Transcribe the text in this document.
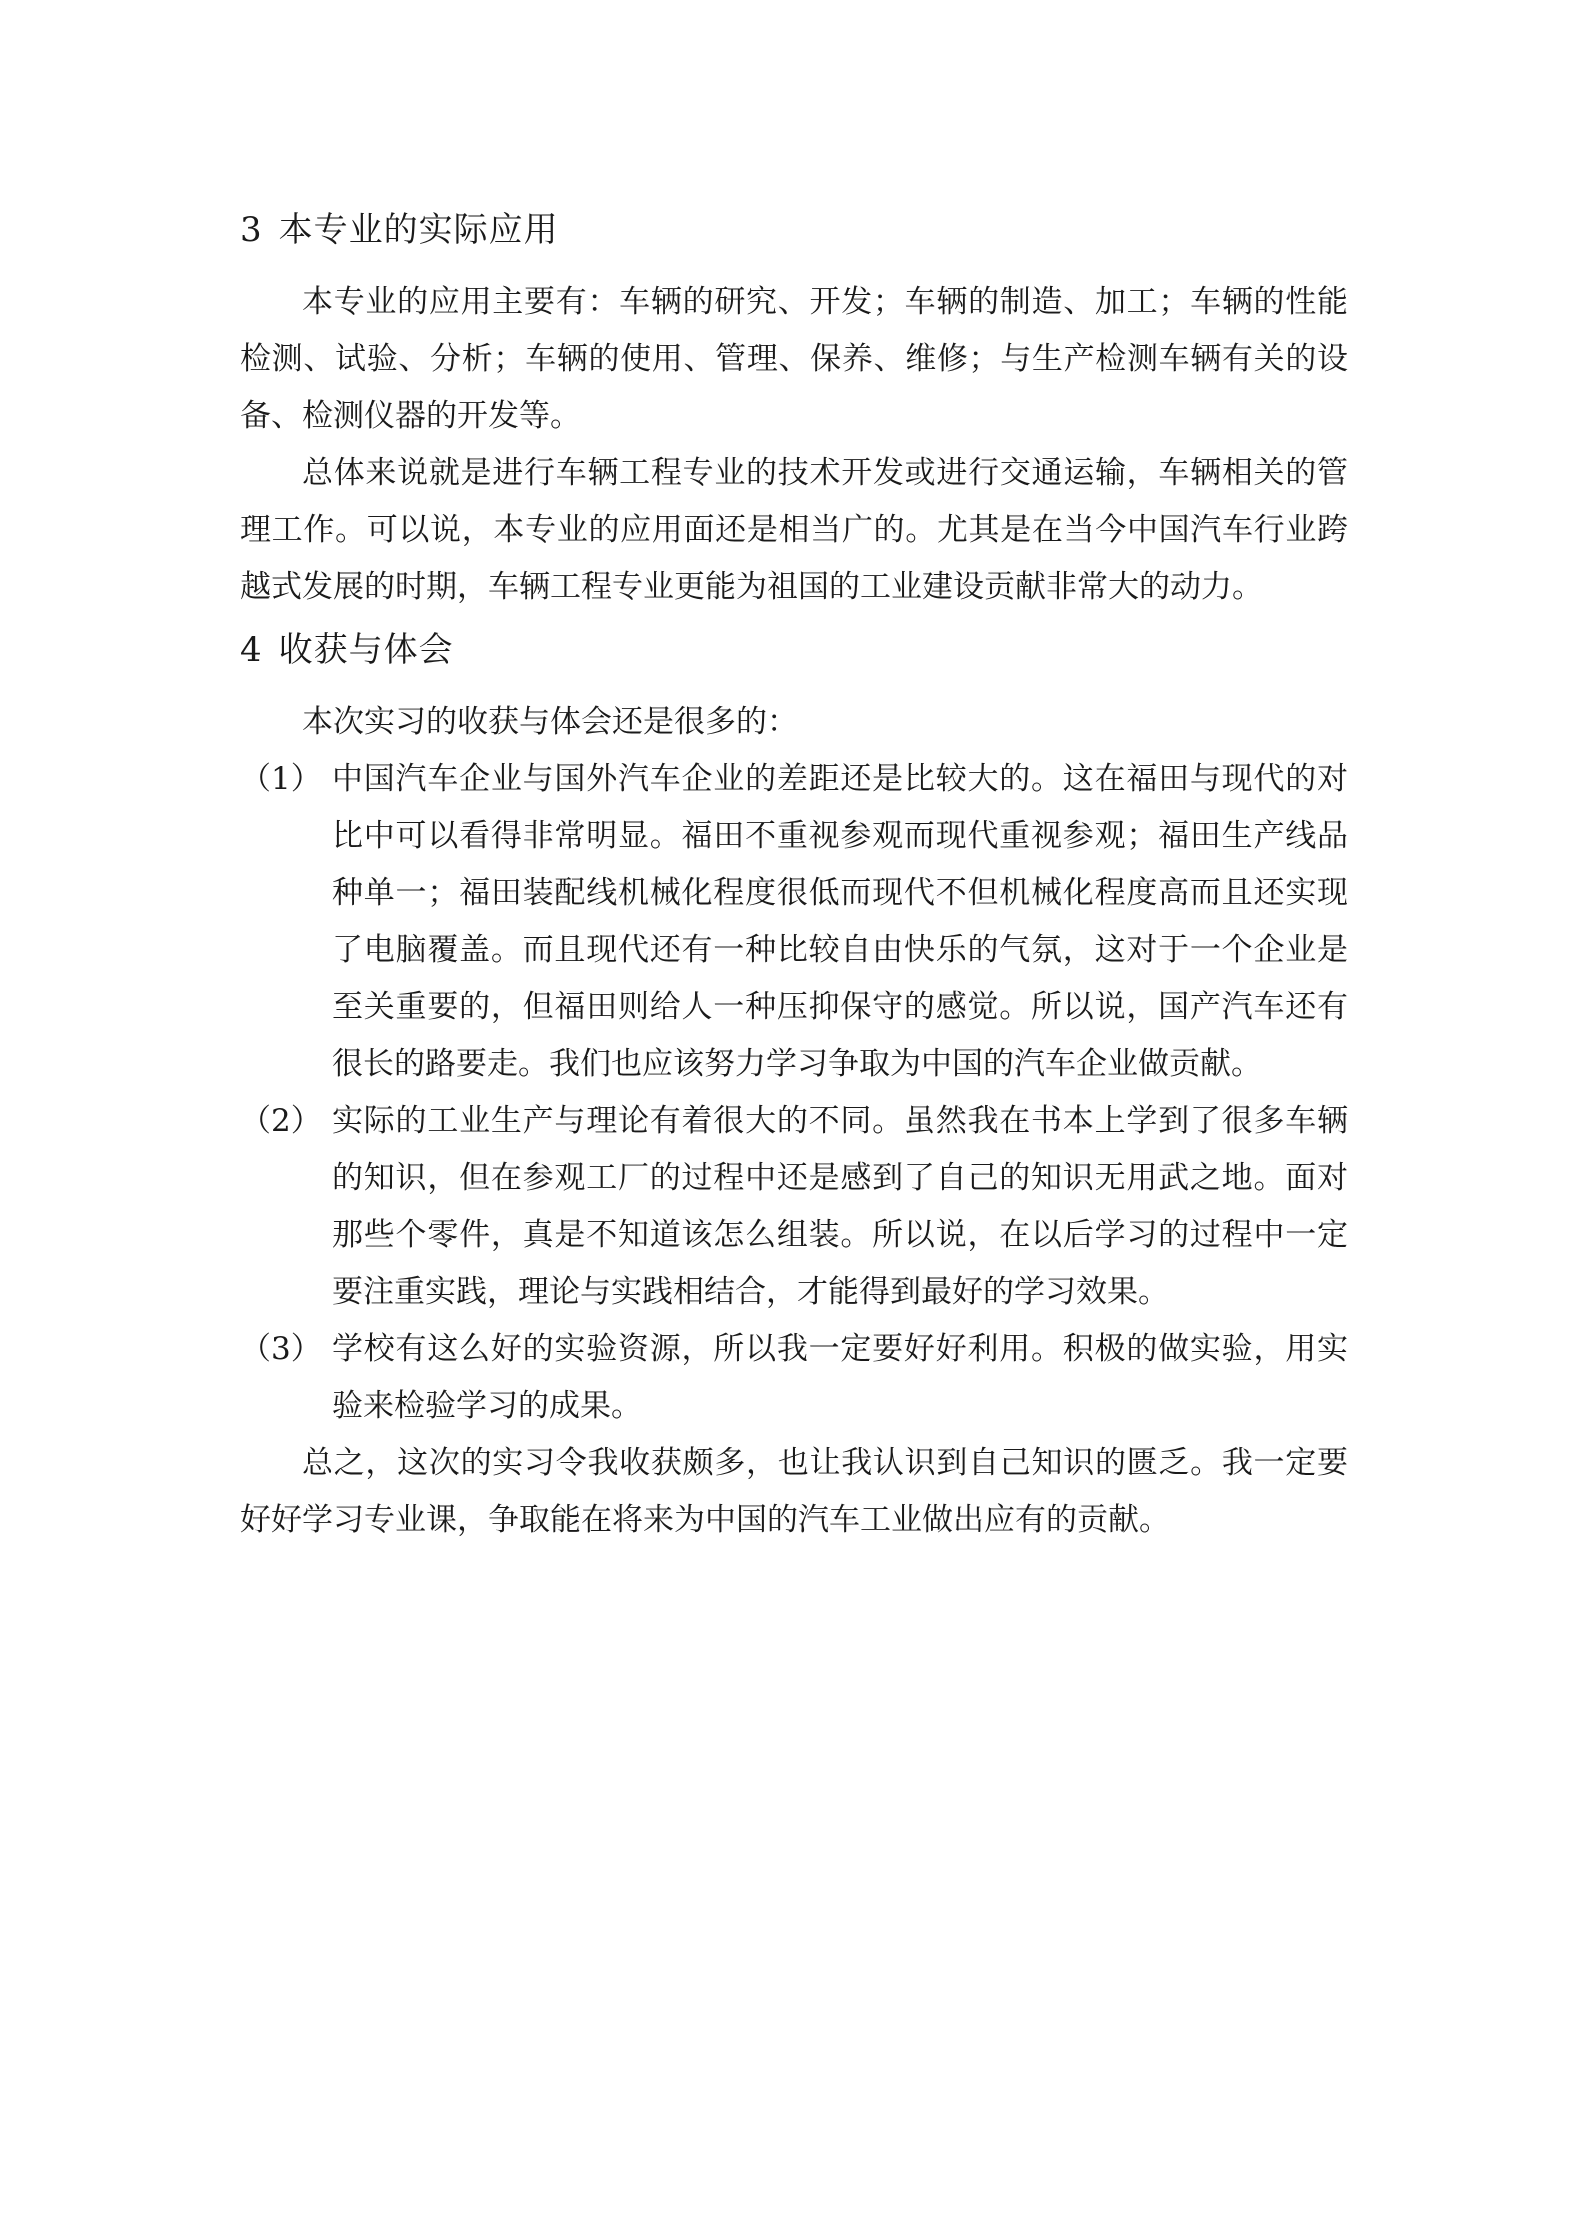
3 本专业的实际应用

本专业的应用主要有：车辆的研究、开发；车辆的制造、加工；车辆的性能检测、试验、分析；车辆的使用、管理、保养、维修；与生产检测车辆有关的设备、检测仪器的开发等。

总体来说就是进行车辆工程专业的技术开发或进行交通运输，车辆相关的管理工作。可以说，本专业的应用面还是相当广的。尤其是在当今中国汽车行业跨越式发展的时期，车辆工程专业更能为祖国的工业建设贡献非常大的动力。

4 收获与体会

本次实习的收获与体会还是很多的：

（1） 中国汽车企业与国外汽车企业的差距还是比较大的。这在福田与现代的对比中可以看得非常明显。福田不重视参观而现代重视参观；福田生产线品种单一；福田装配线机械化程度很低而现代不但机械化程度高而且还实现了电脑覆盖。而且现代还有一种比较自由快乐的气氛，这对于一个企业是至关重要的，但福田则给人一种压抑保守的感觉。所以说，国产汽车还有很长的路要走。我们也应该努力学习争取为中国的汽车企业做贡献。
（2） 实际的工业生产与理论有着很大的不同。虽然我在书本上学到了很多车辆的知识，但在参观工厂的过程中还是感到了自己的知识无用武之地。面对那些个零件，真是不知道该怎么组装。所以说，在以后学习的过程中一定要注重实践，理论与实践相结合，才能得到最好的学习效果。
（3） 学校有这么好的实验资源，所以我一定要好好利用。积极的做实验，用实验来检验学习的成果。

总之，这次的实习令我收获颇多，也让我认识到自己知识的匮乏。我一定要好好学习专业课，争取能在将来为中国的汽车工业做出应有的贡献。
